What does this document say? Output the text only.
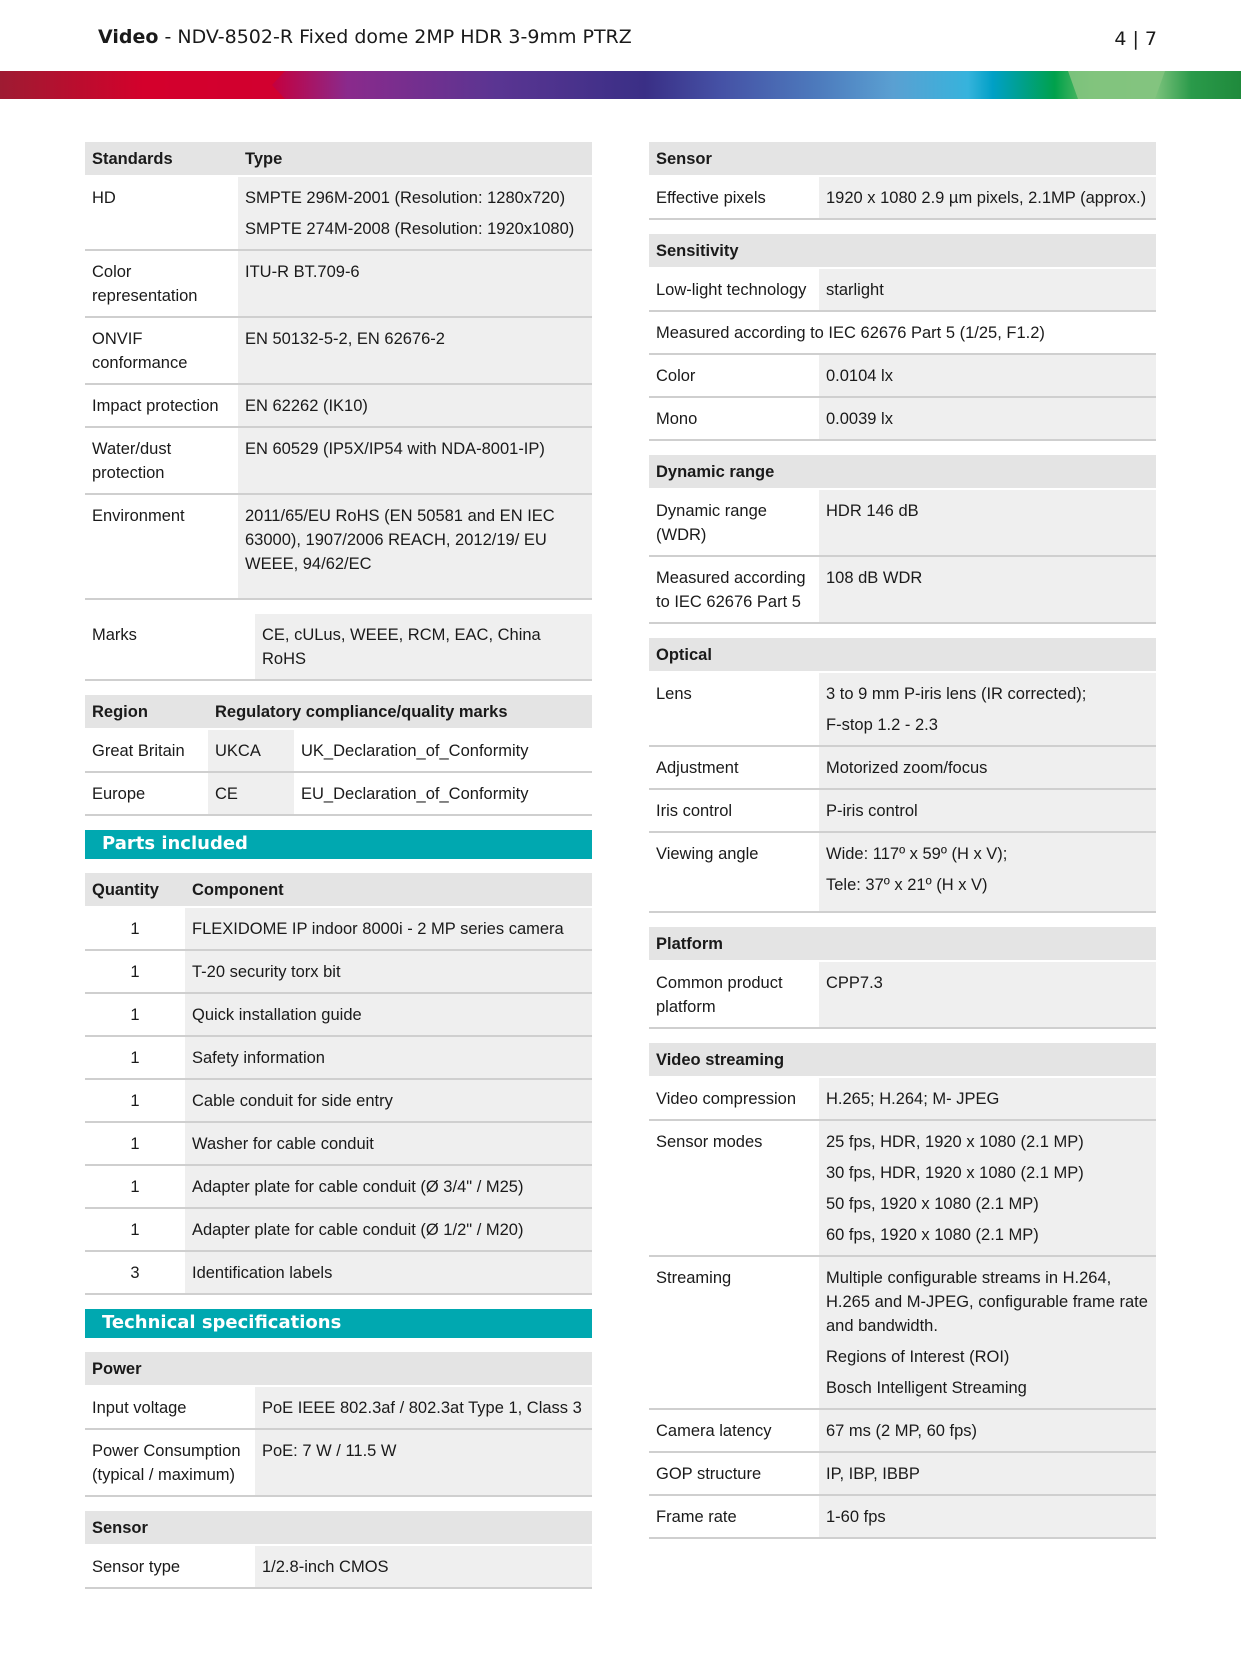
Video - NDV-8502-R Fixed dome 2MP HDR 3-9mm PTRZ	4 | 7
Standards	Type
HD	SMPTE 296M-2001 (Resolution: 1280x720)
SMPTE 274M-2008 (Resolution: 1920x1080)

Color representation	ITU-R BT.709-6
ONVIF conformance	EN 50132-5-2, EN 62676-2
Impact protection	EN 62262 (IK10)
Water/dust protection	EN 60529 (IP5X/IP54 with NDA-8001-IP)
Environment	2011/65/EU RoHS (EN 50581 and EN IEC 63000), 1907/2006 REACH, 2012/19/ EU WEEE, 94/62/EC
Marks	CE, cULus, WEEE, RCM, EAC, China RoHS
Region	Regulatory compliance/quality marks	
Great Britain	UKCA	UK_Declaration_of_Conformity
Europe	CE	EU_Declaration_of_Conformity
Parts included
Quantity	Component
1	FLEXIDOME IP indoor 8000i - 2 MP series camera
1	T-20 security torx bit
1	Quick installation guide
1	Safety information
1	Cable conduit for side entry
1	Washer for cable conduit
1	Adapter plate for cable conduit (Ø 3/4" / M25)
1	Adapter plate for cable conduit (Ø 1/2" / M20)
3	Identification labels
Technical specifications
Power	
Input voltage	PoE IEEE 802.3af / 802.3at Type 1, Class 3
Power Consumption (typical / maximum)	PoE: 7 W / 11.5 W
Sensor
Sensor type	1/2.8-inch CMOS
Sensor
Effective pixels	1920 x 1080 2.9 µm pixels, 2.1MP (approx.)
Sensitivity	
Low-light technology	starlight
Measured according to IEC 62676 Part 5 (1/25, F1.2)	
Color	0.0104 lx
Mono	0.0039 lx
Dynamic range	
Dynamic range (WDR)	HDR 146 dB
Measured according to IEC 62676 Part 5	108 dB WDR
Optical	
Lens	3 to 9 mm P-iris lens (IR corrected);
F-stop 1.2 - 2.3

Adjustment	Motorized zoom/focus
Iris control	P-iris control
Viewing angle	Wide: 117º x 59º (H x V);
Tele: 37º x 21º (H x V)
Platform
Common product platform	CPP7.3
Video streaming	
Video compression	H.265; H.264; M- JPEG
Sensor modes	25 fps, HDR, 1920 x 1080 (2.1 MP)
30 fps, HDR, 1920 x 1080 (2.1 MP)
50 fps, 1920 x 1080 (2.1 MP)
60 fps, 1920 x 1080 (2.1 MP)

Streaming	Multiple configurable streams in H.264, H.265 and M-JPEG, configurable frame rate and bandwidth.
Regions of Interest (ROI)
Bosch Intelligent Streaming

Camera latency	67 ms (2 MP, 60 fps)
GOP structure	IP, IBP, IBBP
Frame rate	1-60 fps
